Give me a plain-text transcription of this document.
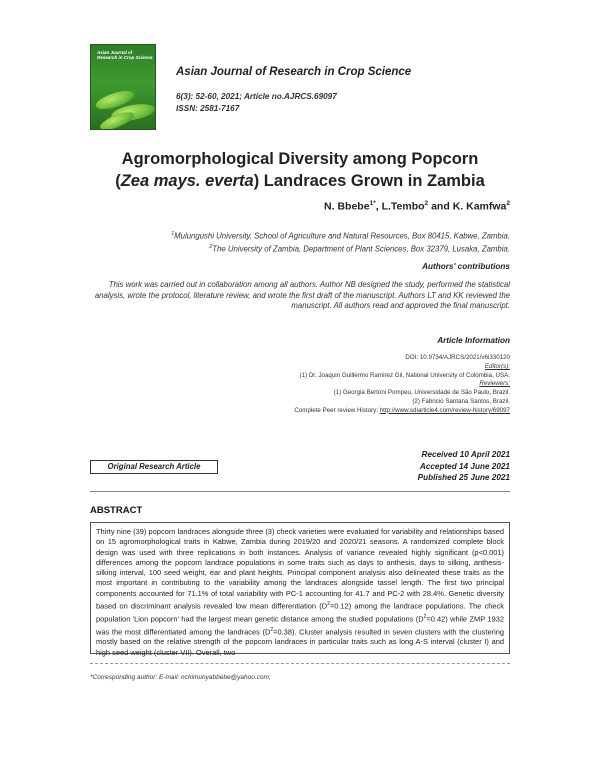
Asian Journal of Research in Crop Science
Asian Journal of Research in Crop Science
6(3): 52-60, 2021; Article no.AJRCS.69097
ISSN: 2581-7167
Agromorphological Diversity among Popcorn
(Zea mays. everta) Landraces Grown in Zambia
N. Bbebe$^{1*}$, L.Tembo$^2$ and K. Kamfwa$^2$
$^1$Mulungushi University, School of Agriculture and Natural Resources, Box 80415, Kabwe, Zambia.
$^2$The University of Zambia, Department of Plant Sciences, Box 32379, Lusaka, Zambia.
Authors' contributions
This work was carried out in collaboration among all authors. Author NB designed the study, performed the statistical analysis, wrote the protocol, literature review, and wrote the first draft of the manuscript. Authors LT and KK reviewed the manuscript. All authors read and approved the final manuscript.
Article Information
DOI: 10.9734/AJRCS/2021/v6i330120
Editor(s):
(1) Dr. Joaquin Guillermo Ramirez Gil, National University of Colombia, USA.
Reviewers:
(1) Georgia Bertoni Pompeu, Universidade de São Paulo, Brazil.
(2) Fabricio Santana Santos, Brazil.
Complete Peer review History: http://www.sdiarticle4.com/review-history/69097
Original Research Article
Received 10 April 2021
Accepted 14 June 2021
Published 25 June 2021
ABSTRACT
Thirty nine (39) popcorn landraces alongside three (3) check varieties were evaluated for variability and relationships based on 15 agromorphological traits in Kabwe, Zambia during 2019/20 and 2020/21 seasons. A randomized complete block design was used with three replications in both instances. Analysis of variance revealed highly significant (p<0.001) differences among the popcorn landrace populations in some traits such as days to anthesis, days to silking, anthesis-silking interval, 100 seed weight, ear and plant heights. Principal component analysis also delineated these traits as the most important in contributing to the variability among the landraces alongside tassel length. The first two principal components accounted for 71.1% of total variability with PC-1 accounting for 41.7 and PC-2 with 28.4%. Genetic diversity based on discriminant analysis revealed low mean differentiation $(D^2=0.12)$ among the landrace populations. The check population 'Lion popcorn' had the largest mean genetic distance among the studied populations $(D^2=0.42)$ while ZMP 1932 was the most differentiated among the landraces $(D^2=0.38)$. Cluster analysis resulted in seven clusters with the clustering mostly based on the relative strength of the popcorn landraces in particular traits such as long A-S interval (cluster I) and high seed weight (cluster VII). Overall, two
*Corresponding author: E-mail: nchimunyabbebe@yahoo.com;
